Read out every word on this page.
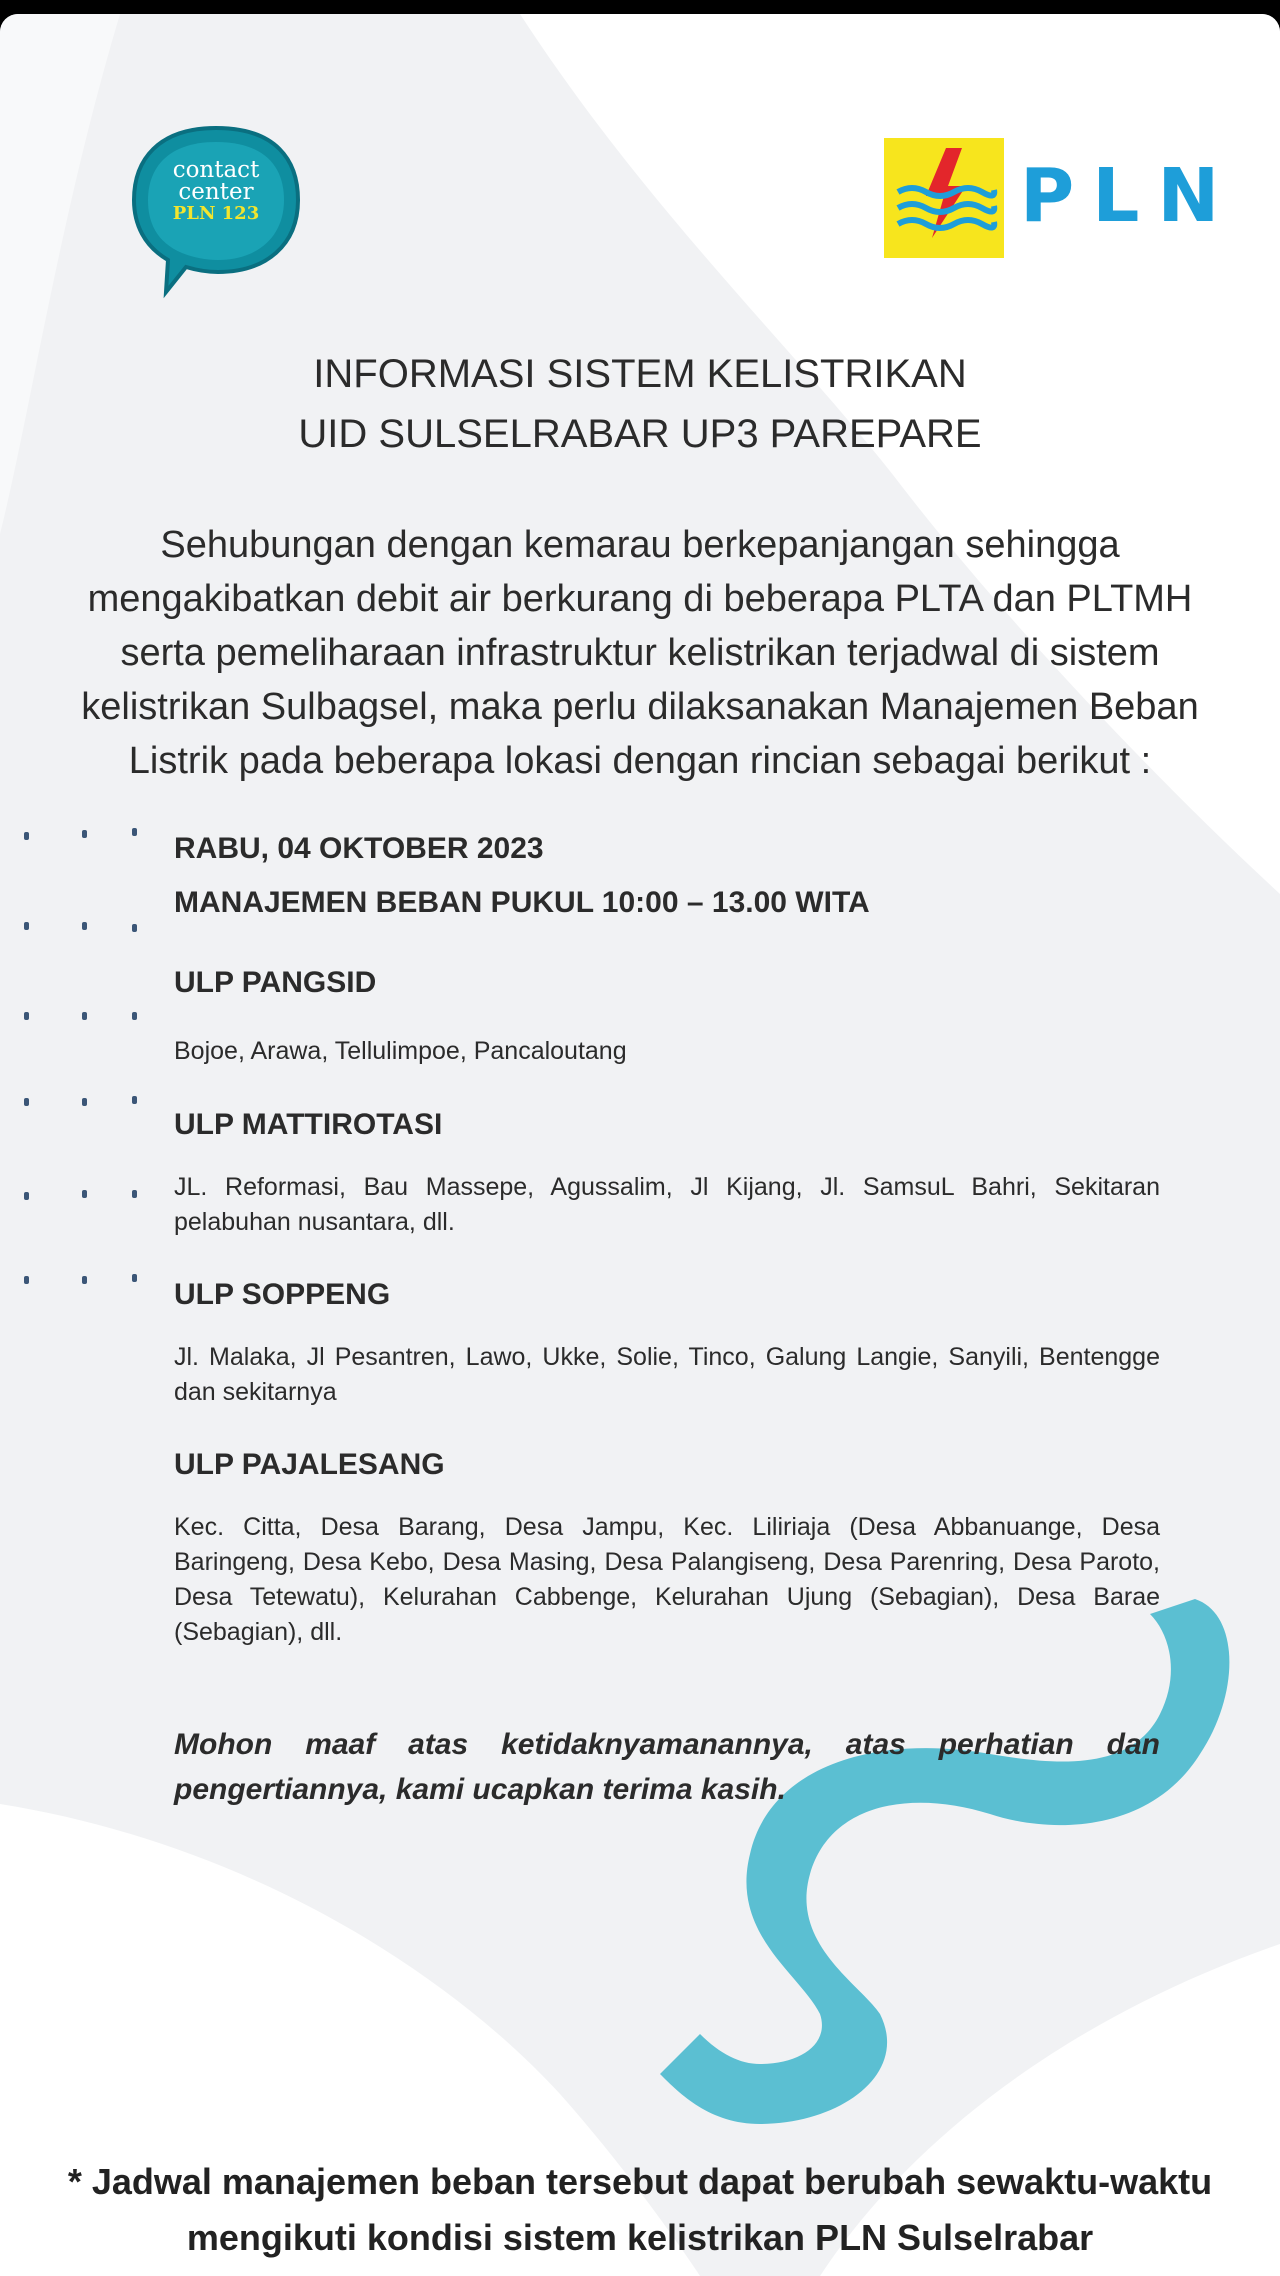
contact
center
PLN 123	PLN
INFORMASI SISTEM KELISTRIKAN
UID SULSELRABAR UP3 PAREPARE
Sehubungan dengan kemarau berkepanjangan sehingga mengakibatkan debit air berkurang di beberapa PLTA dan PLTMH serta pemeliharaan infrastruktur kelistrikan terjadwal di sistem kelistrikan Sulbagsel, maka perlu dilaksanakan Manajemen Beban Listrik pada beberapa lokasi dengan rincian sebagai berikut :
RABU, 04 OKTOBER 2023
MANAJEMEN BEBAN PUKUL 10:00 – 13.00 WITA
ULP PANGSID
Bojoe, Arawa, Tellulimpoe, Pancaloutang
ULP MATTIROTASI
JL. Reformasi, Bau Massepe, Agussalim, Jl Kijang, Jl. SamsuL Bahri, Sekitaran pelabuhan nusantara, dll.
ULP SOPPENG
Jl. Malaka, Jl Pesantren, Lawo, Ukke, Solie, Tinco, Galung Langie, Sanyili, Bentengge dan sekitarnya
ULP PAJALESANG
Kec. Citta, Desa Barang, Desa Jampu, Kec. Liliriaja (Desa Abbanuange, Desa Baringeng, Desa Kebo, Desa Masing, Desa Palangiseng, Desa Parenring, Desa Paroto, Desa Tetewatu), Kelurahan Cabbenge, Kelurahan Ujung (Sebagian), Desa Barae (Sebagian), dll.
Mohon maaf atas ketidaknyamanannya, atas perhatian dan pengertiannya, kami ucapkan terima kasih.
* Jadwal manajemen beban tersebut dapat berubah sewaktu-waktu mengikuti kondisi sistem kelistrikan PLN Sulselrabar
